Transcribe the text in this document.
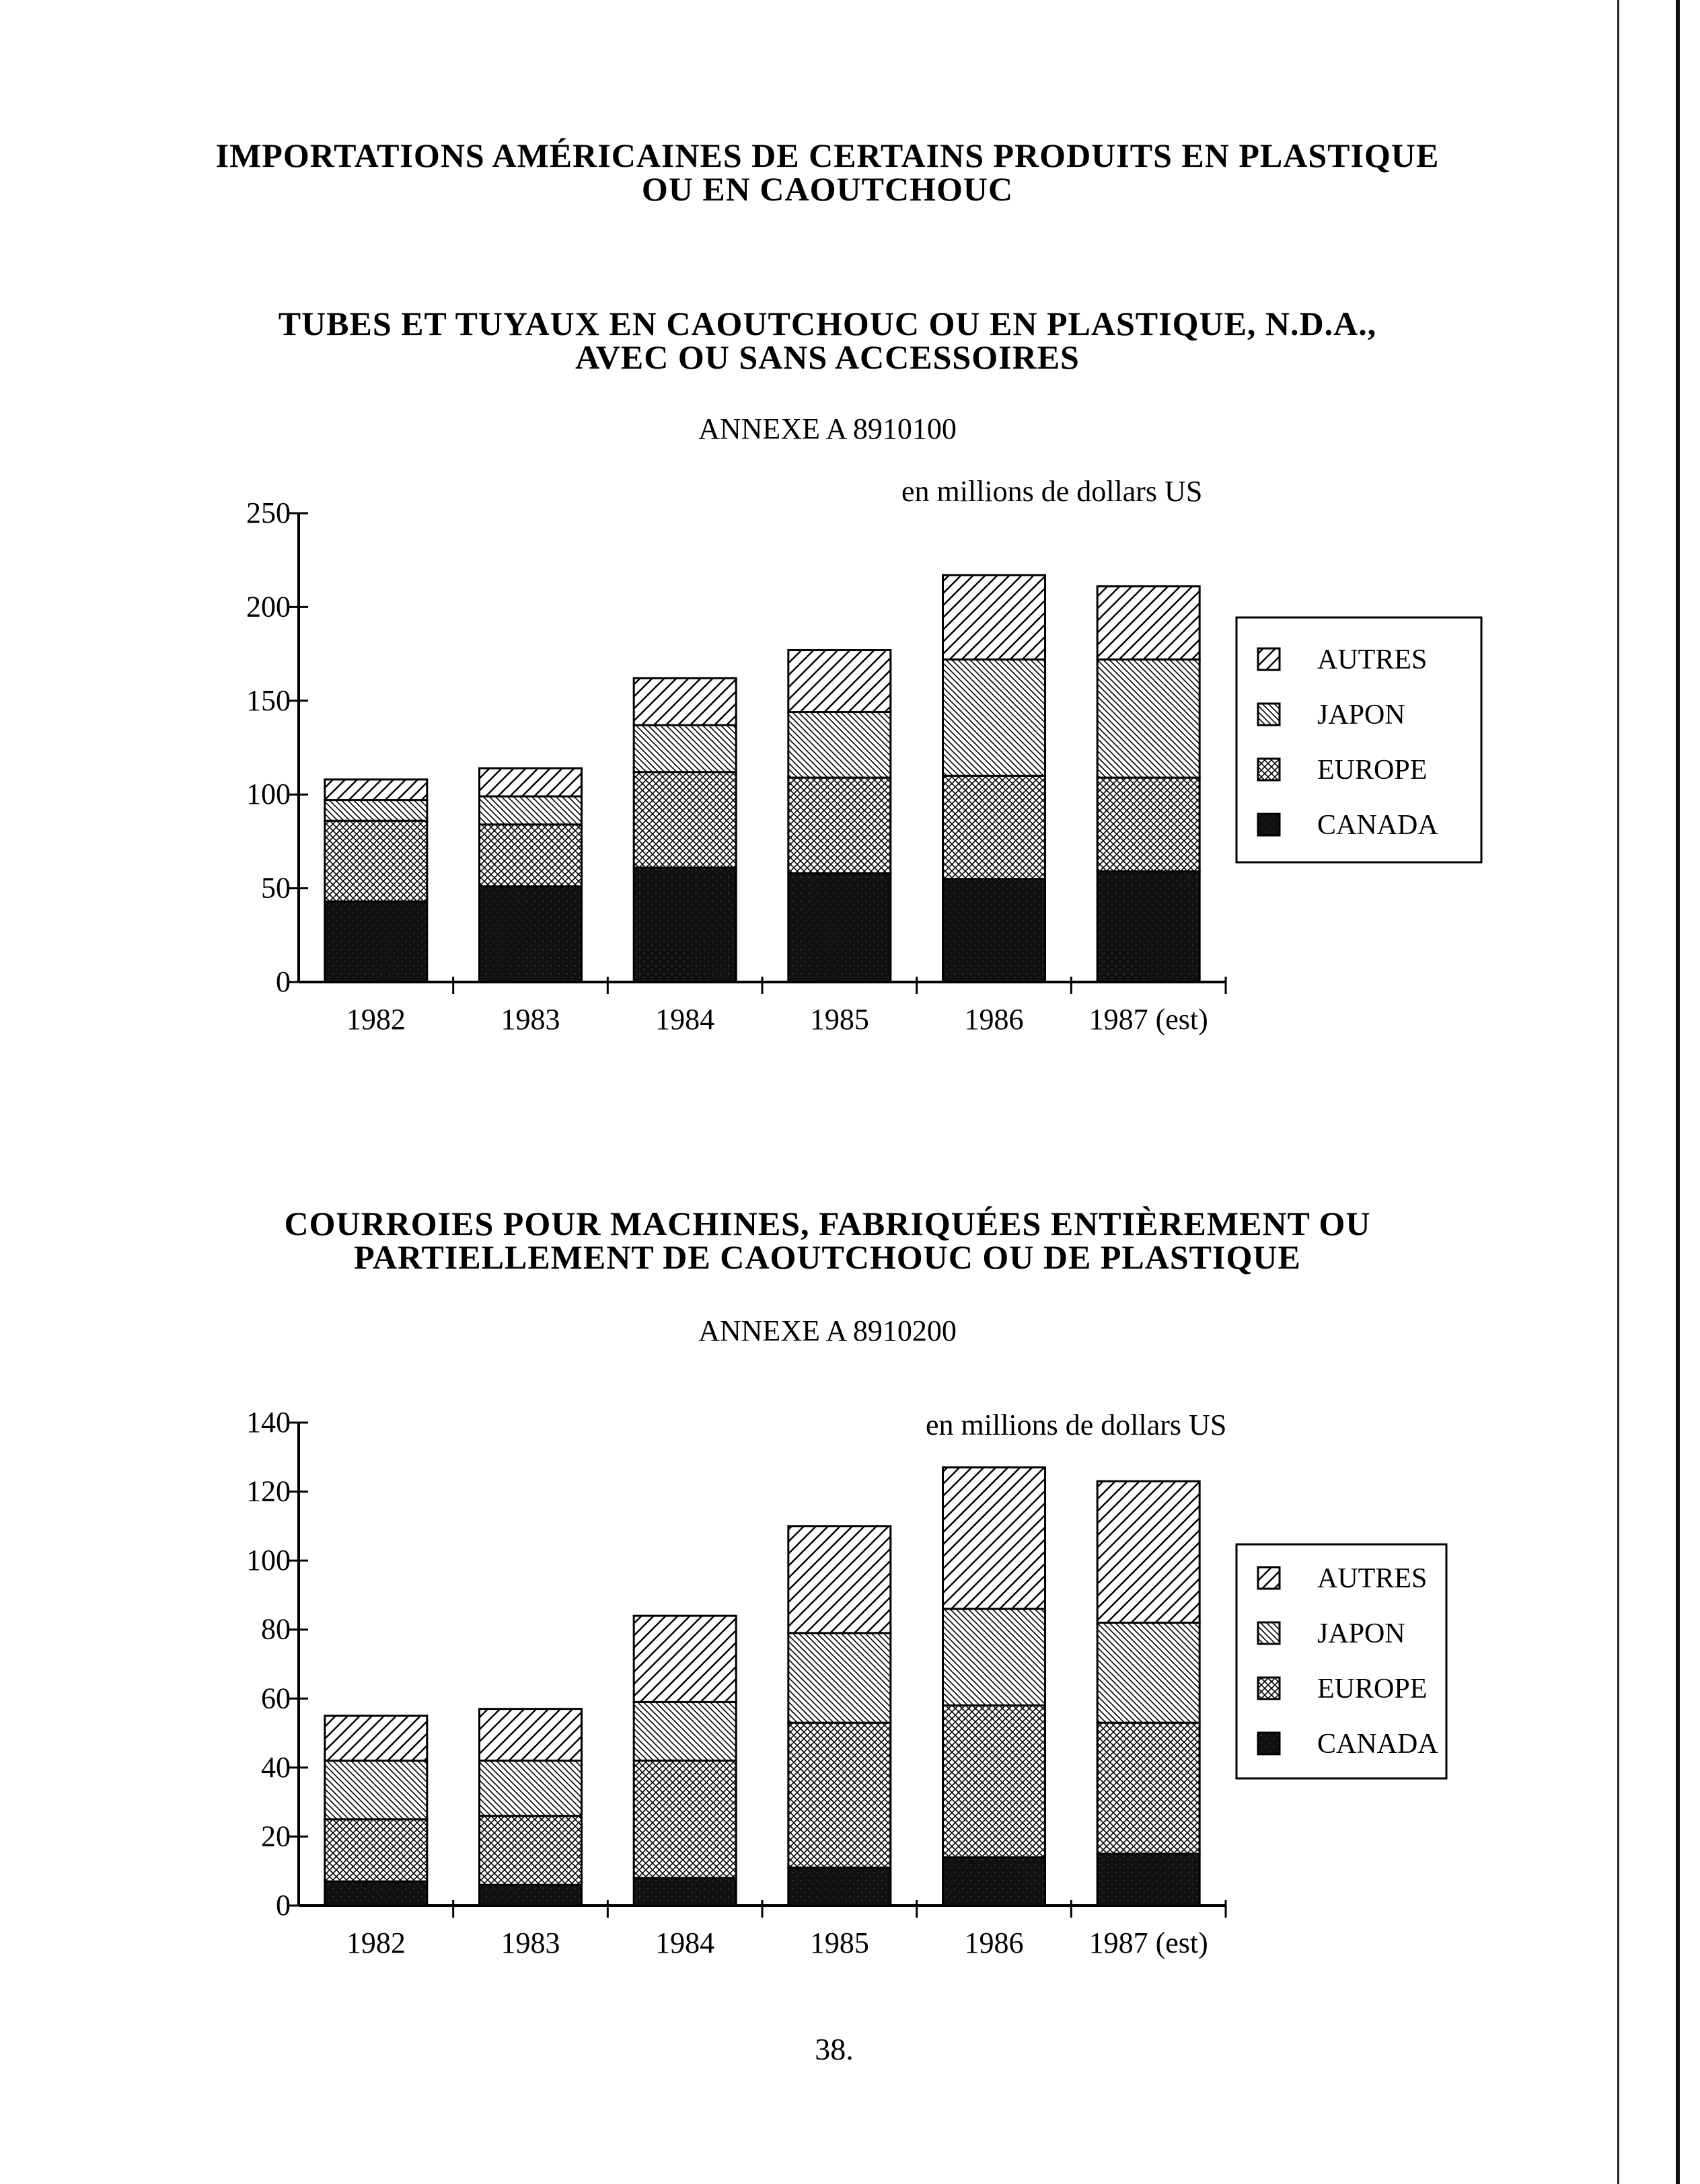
IMPORTATIONS AMÉRICAINES DE CERTAINS PRODUITS EN PLASTIQUE
OU EN CAOUTCHOUC
TUBES ET TUYAUX EN CAOUTCHOUC OU EN PLASTIQUE, N.D.A.,
AVEC OU SANS ACCESSOIRES
ANNEXE A 8910100
en millions de dollars US
COURROIES POUR MACHINES, FABRIQUÉES ENTIÈREMENT OU
PARTIELLEMENT DE CAOUTCHOUC OU DE PLASTIQUE
ANNEXE A 8910200
en millions de dollars US
0
50
100
150
200
250
1982	1983	1984	1985	1986 1987 (est)
AUTRES
JAPON
EUROPE
CANADA
0
20
40
60
80
100
120
140
1982	1983	1984	1985	1986 1987 (est)
AUTRES
JAPON
EUROPE
CANADA
38.
